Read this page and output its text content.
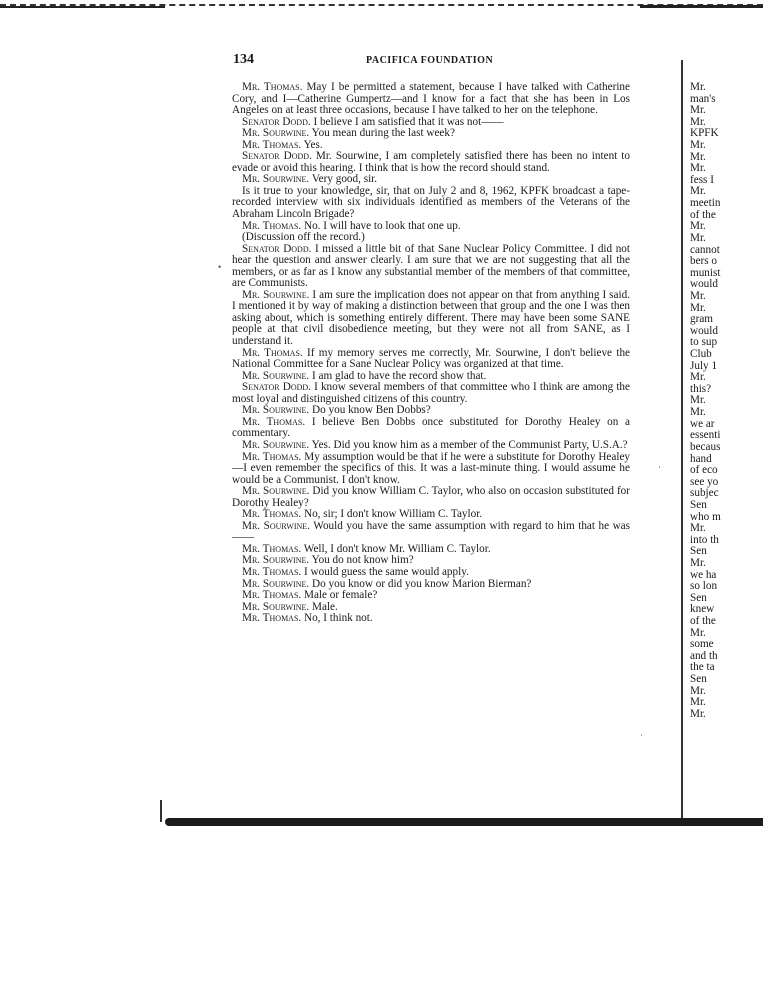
134	PACIFICA FOUNDATION

Mr. Thomas. May I be permitted a statement, because I have talked with Catherine Cory, and I—Catherine Gumpertz—and I know for a fact that she has been in Los Angeles on at least three occasions, because I have talked to her on the telephone.

Senator Dodd. I believe I am satisfied that it was not——

Mr. Sourwine. You mean during the last week?

Mr. Thomas. Yes.

Senator Dodd. Mr. Sourwine, I am completely satisfied there has been no intent to evade or avoid this hearing. I think that is how the record should stand.

Mr. Sourwine. Very good, sir.

Is it true to your knowledge, sir, that on July 2 and 8, 1962, KPFK broadcast a tape-recorded interview with six individuals identified as members of the Veterans of the Abraham Lincoln Brigade?

Mr. Thomas. No. I will have to look that one up.

(Discussion off the record.)

Senator Dodd. I missed a little bit of that Sane Nuclear Policy Committee. I did not hear the question and answer clearly. I am sure that we are not suggesting that all the members, or as far as I know any substantial member of the members of that committee, are Communists.

Mr. Sourwine. I am sure the implication does not appear on that from anything I said. I mentioned it by way of making a distinction between that group and the one I was then asking about, which is something entirely different. There may have been some SANE people at that civil disobedience meeting, but they were not all from SANE, as I understand it.

Mr. Thomas. If my memory serves me correctly, Mr. Sourwine, I don't believe the National Committee for a Sane Nuclear Policy was organized at that time.

Mr. Sourwine. I am glad to have the record show that.

Senator Dodd. I know several members of that committee who I think are among the most loyal and distinguished citizens of this country.

Mr. Sourwine. Do you know Ben Dobbs?

Mr. Thomas. I believe Ben Dobbs once substituted for Dorothy Healey on a commentary.

Mr. Sourwine. Yes. Did you know him as a member of the Communist Party, U.S.A.?

Mr. Thomas. My assumption would be that if he were a substitute for Dorothy Healey—I even remember the specifics of this. It was a last-minute thing. I would assume he would be a Communist. I don't know.

Mr. Sourwine. Did you know William C. Taylor, who also on occasion substituted for Dorothy Healey?

Mr. Thomas. No, sir; I don't know William C. Taylor.

Mr. Sourwine. Would you have the same assumption with regard to him that he was——

Mr. Thomas. Well, I don't know Mr. William C. Taylor.

Mr. Sourwine. You do not know him?

Mr. Thomas. I would guess the same would apply.

Mr. Sourwine. Do you know or did you know Marion Bierman?

Mr. Thomas. Male or female?

Mr. Sourwine. Male.

Mr. Thomas. No, I think not.

Mr.
man's
Mr.
Mr.
KPFK
Mr.
Mr.
Mr.
fess I
Mr.
meetin
of the
Mr.
Mr.
cannot
bers o
munist
would
Mr.
Mr.
gram
would
to sup
Club
July 1
Mr.
this?
Mr.
Mr.
we ar
essenti
becaus
hand
of eco
see yo
subjec
Sen
who m
Mr.
into th
Sen
Mr.
we ha
so lon
Sen
knew
of the
Mr.
some
and th
the ta
Sen
Mr.
Mr.
Mr.
•
·
·
